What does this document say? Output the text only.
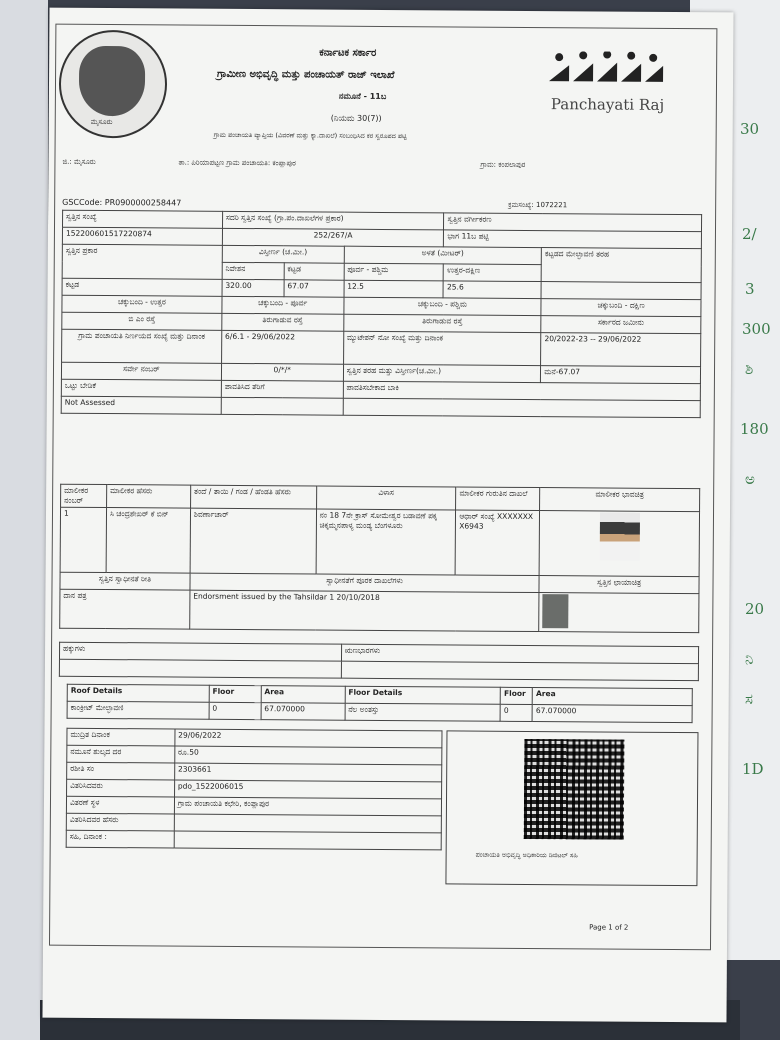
30
2/
3
300
ಶಿ
180
ಅ
20
ನಿ
ಸ
1D
ಮೈಸೂರು
ಕರ್ನಾಟಕ ಸರ್ಕಾರ
ಗ್ರಾಮೀಣ ಅಭಿವೃದ್ಧಿ ಮತ್ತು ಪಂಚಾಯತ್ ರಾಜ್ ಇಲಾಖೆ
ನಮೂನೆ - 11ಬ
(ನಿಯಮ 30(7))
ಗ್ರಾಮ ಪಂಚಾಯತಿ ವ್ಯಾಪ್ತಿಯ (ವಿವರಣೆ ಮತ್ತು ಕ್ಯಾ.ದಾಖಲೆ) ಸಂಬಂಧಿಸಿದ ಕರ ಸ್ವರೂಪದ ಪಟ್ಟಿ
ಜಿ.: ಮೈಸೂರು	ತಾ.: ಪಿರಿಯಾಪಟ್ಟಣ ಗ್ರಾಮ ಪಂಚಾಯತಿ: ಕಂಪ್ಲಾಪುರ	ಗ್ರಾಮ: ಕಂಪಲಾಪುರ
Panchayati Raj
GSCCode: PR0900000258447	ಕ್ರಮಸಂಖ್ಯೆ: 1072221
ಸ್ವತ್ತಿನ ಸಂಖ್ಯೆ	ಸದರಿ ಸ್ವತ್ತಿನ ಸಂಖ್ಯೆ (ಗ್ರಾ.ಪಂ.ದಾಖಲೆಗಳ ಪ್ರಕಾರ)			ಸ್ವತ್ತಿನ ವರ್ಗೀಕರಣ	
152200601517220874	252/267/A			ಭಾಗ 11ಬ ಪಟ್ಟಿ	
ಸ್ವತ್ತಿನ ಪ್ರಕಾರ	ವಿಸ್ತೀರ್ಣ (ಚ.ಮೀ.)		ಅಳತೆ (ಮೀಟರ್)		ಕಟ್ಟಡದ ಮೇಲ್ಛಾವಣಿ ತರಹ
	ನಿವೇಶನ	ಕಟ್ಟಡ	ಪೂರ್ವ - ಪಶ್ಚಿಮ	ಉತ್ತರ-ದಕ್ಷಿಣ	
ಕಟ್ಟಡ	320.00	67.07	12.5	25.6	
ಚಕ್ಕುಬಂದಿ - ಉತ್ತರ	ಚಕ್ಕುಬಂದಿ - ಪೂರ್ವ		ಚಕ್ಕುಬಂದಿ - ಪಶ್ಚಿಮ		ಚಕ್ಕುಬಂದಿ - ದಕ್ಷಿಣ
ಬಿ ಎಂ ರಸ್ತೆ	ತಿರುಗಾಡುವ ರಸ್ತೆ		ತಿರುಗಾಡುವ ರಸ್ತೆ		ಸರ್ಕಾರದ ಜಮೀನು
ಗ್ರಾಮ ಪಂಚಾಯತಿ ನಿರ್ಣಯದ ಸಂಖ್ಯೆ ಮತ್ತು ದಿನಾಂಕ	6/6.1 - 29/06/2022		ಮ್ಯುಟೇಶನ್ ನೋ ಸಂಖ್ಯೆ ಮತ್ತು ದಿನಾಂಕ		20/2022-23 -- 29/06/2022
ಸರ್ವೇ ನಂಬರ್	0/*/*		ಸ್ವತ್ತಿನ ತರಹ ಮತ್ತು ವಿಸ್ತೀರ್ಣ(ಚ.ಮೀ.)		ಮನೆ-67.07
ಒಟ್ಟು ಬೇಡಿಕೆ	ಪಾವತಿಸಿದ ತೆರಿಗೆ		ಪಾವತಿಸಬೇಕಾದ ಬಾಕಿ		
Not Assessed					
ಮಾಲೀಕರ ನಂಬರ್	ಮಾಲೀಕರ ಹೆಸರು	ತಂದೆ / ತಾಯಿ / ಗಂಡ / ಹೆಂಡತಿ ಹೆಸರು	ವಿಳಾಸ	ಮಾಲೀಕರ ಗುರುತಿನ ದಾಖಲೆ	ಮಾಲೀಕರ ಭಾವಚಿತ್ರ
1	ಸಿ ಚಂದ್ರಶೇಖರ್ ಕೆ ಬಿನ್	ಶಿವರ್ಣಾಚಾರ್	ನಂ 18 7ನೇ ಕ್ರಾಸ್ ಸೋಮೇಶ್ವರ ಬಡಾವಣೆ ಪಕ್ಕ ಚಿಕ್ಕಮ್ಮನಪಾಳ್ಯ ಮಂಡ್ಯ ಬೆಂಗಳೂರು	ಆಧಾರ್ ಸಂಖ್ಯೆ XXXXXXXX6943	

ಸ್ವತ್ತಿನ ಸ್ವಾಧೀನತೆ ರೀತಿ		ಸ್ವಾಧೀನತೆಗೆ ಪೂರಕ ದಾಖಲೆಗಳು			ಸ್ವತ್ತಿನ ಛಾಯಾಚಿತ್ರ
ದಾನ ಪತ್ರ		Endorsment issued by the Tahsildar 1 20/10/2018			
ಹಕ್ಕುಗಳು	ಋಣಭಾರಗಳು

Roof Details	Floor	Area	Floor Details	Floor	Area
ಕಾಂಕ್ರೀಟ್ ಮೇಲ್ಛಾವಣಿ	0	67.070000	ನೆಲ ಅಂತಸ್ತು	0	67.070000
ಮುದ್ರಿತ ದಿನಾಂಕ	29/06/2022
ನಮೂನೆ ಶುಲ್ಕದ ದರ	ರೂ.50
ರಶೀತಿ ಸಂ	2303661
ವಿತರಿಸಿದವರು	pdo_1522006015
ವಿತರಣೆ ಸ್ಥಳ	ಗ್ರಾಮ ಪಂಚಾಯತಿ ಕಛೇರಿ, ಕಂಪ್ಲಾಪುರ
ವಿತರಿಸಿದವರ ಹೆಸರು	
ಸಹಿ, ದಿನಾಂಕ :	
ಪಂಚಾಯತಿ ಅಭಿವೃದ್ಧಿ ಅಧಿಕಾರಿಯ ಡಿಜಿಟಲ್ ಸಹಿ
Page 1 of 2
